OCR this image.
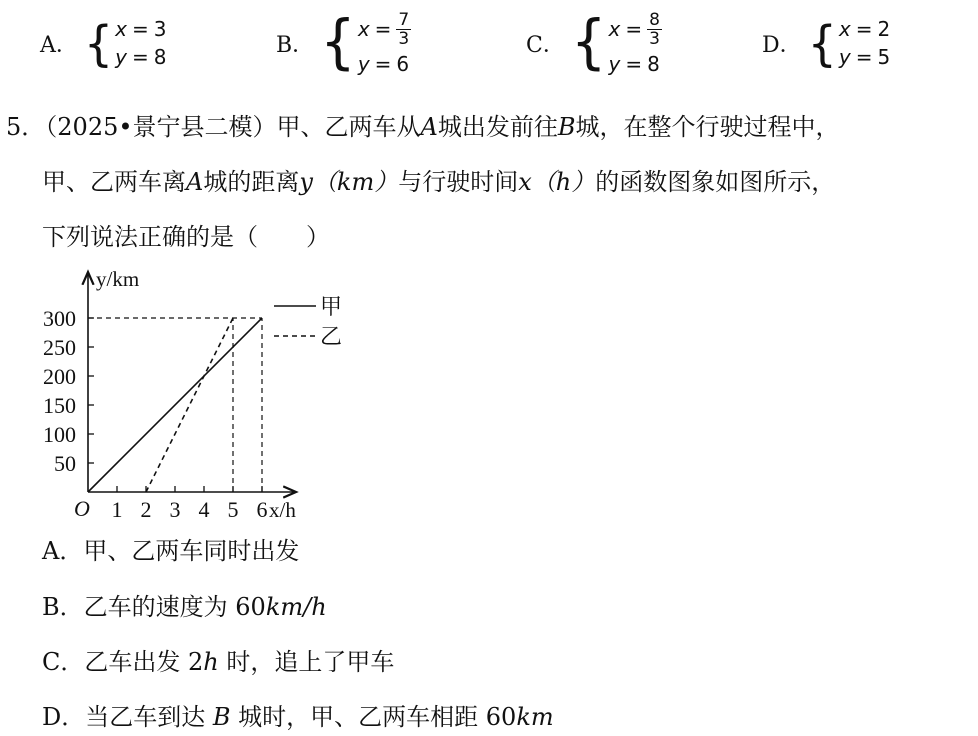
A． { x = 3
y = 8	B． { $x = \frac{7}{3}$
y = 6
C． { $x = \frac{8}{3}$
y = 8
D． { x = 2
y = 5
5．（2025•景宁县二模）甲、乙两车从A城出发前往B城，在整个行驶过程中，
甲、乙两车离A城的距离y（km）与行驶时间x（h）的函数图象如图所示，
下列说法正确的是（　　）
y/km
x/h
O 1 2 3 4 5 6
50
100
150
200
250
300	甲
乙
A．甲、乙两车同时出发
B．乙车的速度为 60km/h
C．乙车出发 2h 时，追上了甲车
D．当乙车到达 B 城时，甲、乙两车相距 60km
